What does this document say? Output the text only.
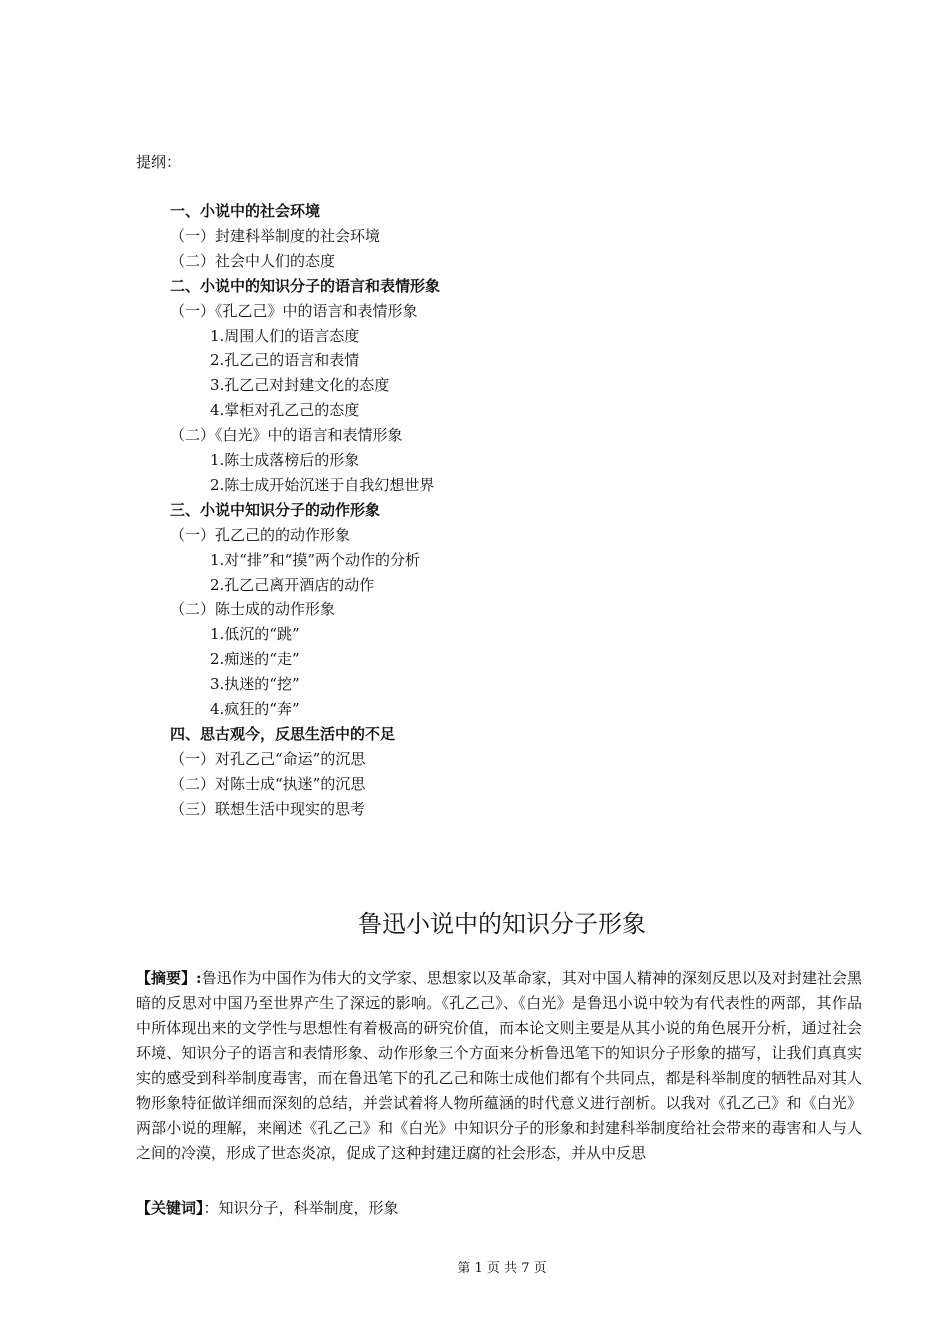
提纲：
一、小说中的社会环境
（一）封建科举制度的社会环境
（二）社会中人们的态度
二、小说中的知识分子的语言和表情形象
（一）《孔乙己》中的语言和表情形象
1.周围人们的语言态度
2.孔乙己的语言和表情
3.孔乙己对封建文化的态度
4.掌柜对孔乙己的态度
（二）《白光》中的语言和表情形象
1.陈士成落榜后的形象
2.陈士成开始沉迷于自我幻想世界
三、小说中知识分子的动作形象
（一）孔乙己的的动作形象
1.对“排”和“摸”两个动作的分析
2.孔乙己离开酒店的动作
（二）陈士成的动作形象
1.低沉的“跳”
2.痴迷的“走”
3.执迷的“挖”
4.疯狂的“奔”
四、思古观今，反思生活中的不足
（一）对孔乙己“命运”的沉思
（二）对陈士成“执迷”的沉思
（三）联想生活中现实的思考
鲁迅小说中的知识分子形象
【摘要】:鲁迅作为中国作为伟大的文学家、思想家以及革命家，其对中国人精神的深刻反思以及对封建社会黑暗的反思对中国乃至世界产生了深远的影响。《孔乙己》、《白光》是鲁迅小说中较为有代表性的两部，其作品中所体现出来的文学性与思想性有着极高的研究价值，而本论文则主要是从其小说的角色展开分析，通过社会环境、知识分子的语言和表情形象、动作形象三个方面来分析鲁迅笔下的知识分子形象的描写，让我们真真实实的感受到科举制度毒害，而在鲁迅笔下的孔乙己和陈士成他们都有个共同点，都是科举制度的牺牲品对其人物形象特征做详细而深刻的总结，并尝试着将人物所蕴涵的时代意义进行剖析。以我对《孔乙己》和《白光》两部小说的理解，来阐述《孔乙己》和《白光》中知识分子的形象和封建科举制度给社会带来的毒害和人与人之间的冷漠，形成了世态炎凉，促成了这种封建迂腐的社会形态，并从中反思
【关键词】：知识分子，科举制度，形象
第 1 页 共 7 页
